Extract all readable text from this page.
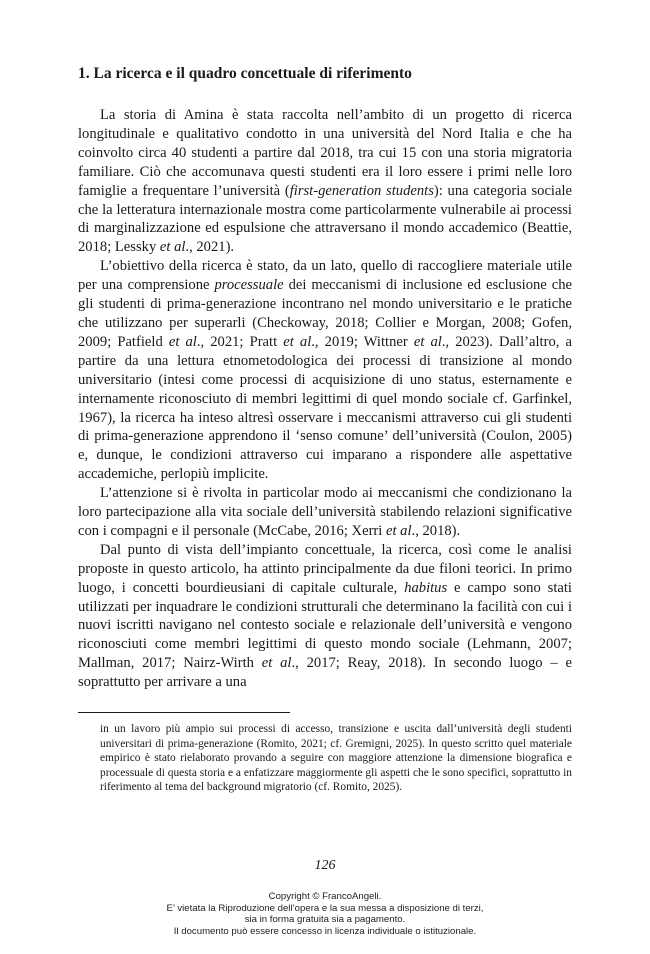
1. La ricerca e il quadro concettuale di riferimento

La storia di Amina è stata raccolta nell’ambito di un progetto di ricerca longitudinale e qualitativo condotto in una università del Nord Italia e che ha coinvolto circa 40 studenti a partire dal 2018, tra cui 15 con una storia migratoria familiare. Ciò che accomunava questi studenti era il loro essere i primi nelle loro famiglie a frequentare l’università (first-generation students): una categoria sociale che la letteratura internazionale mostra come particolarmente vulnerabile ai processi di marginalizzazione ed espulsione che attraversano il mondo accademico (Beattie, 2018; Lessky et al., 2021).

L’obiettivo della ricerca è stato, da un lato, quello di raccogliere materiale utile per una comprensione processuale dei meccanismi di inclusione ed esclusione che gli studenti di prima-generazione incontrano nel mondo universitario e le pratiche che utilizzano per superarli (Checkoway, 2018; Collier e Morgan, 2008; Gofen, 2009; Patfield et al., 2021; Pratt et al., 2019; Wittner et al., 2023). Dall’altro, a partire da una lettura etnometodologica dei processi di transizione al mondo universitario (intesi come processi di acquisizione di uno status, esternamente e internamente riconosciuto di membri legittimi di quel mondo sociale cf. Garfinkel, 1967), la ricerca ha inteso altresì osservare i meccanismi attraverso cui gli studenti di prima-generazione apprendono il ‘senso comune’ dell’università (Coulon, 2005) e, dunque, le condizioni attraverso cui imparano a rispondere alle aspettative accademiche, perlopiù implicite.

L’attenzione si è rivolta in particolar modo ai meccanismi che condizionano la loro partecipazione alla vita sociale dell’università stabilendo relazioni significative con i compagni e il personale (McCabe, 2016; Xerri et al., 2018).

Dal punto di vista dell’impianto concettuale, la ricerca, così come le analisi proposte in questo articolo, ha attinto principalmente da due filoni teorici. In primo luogo, i concetti bourdieusiani di capitale culturale, habitus e campo sono stati utilizzati per inquadrare le condizioni strutturali che determinano la facilità con cui i nuovi iscritti navigano nel contesto sociale e relazionale dell’università e vengono riconosciuti come membri legittimi di questo mondo sociale (Lehmann, 2007; Mallman, 2017; Nairz-Wirth et al., 2017; Reay, 2018). In secondo luogo – e soprattutto per arrivare a una

in un lavoro più ampio sui processi di accesso, transizione e uscita dall’università degli studenti universitari di prima-generazione (Romito, 2021; cf. Gremigni, 2025). In questo scritto quel materiale empirico è stato rielaborato provando a seguire con maggiore attenzione la dimensione biografica e processuale di questa storia e a enfatizzare maggiormente gli aspetti che le sono specifici, soprattutto in riferimento al tema del background migratorio (cf. Romito, 2025).

126
Copyright © FrancoAngeli.
E’ vietata la Riproduzione dell’opera e la sua messa a disposizione di terzi,
sia in forma gratuita sia a pagamento.
Il documento può essere concesso in licenza individuale o istituzionale.
